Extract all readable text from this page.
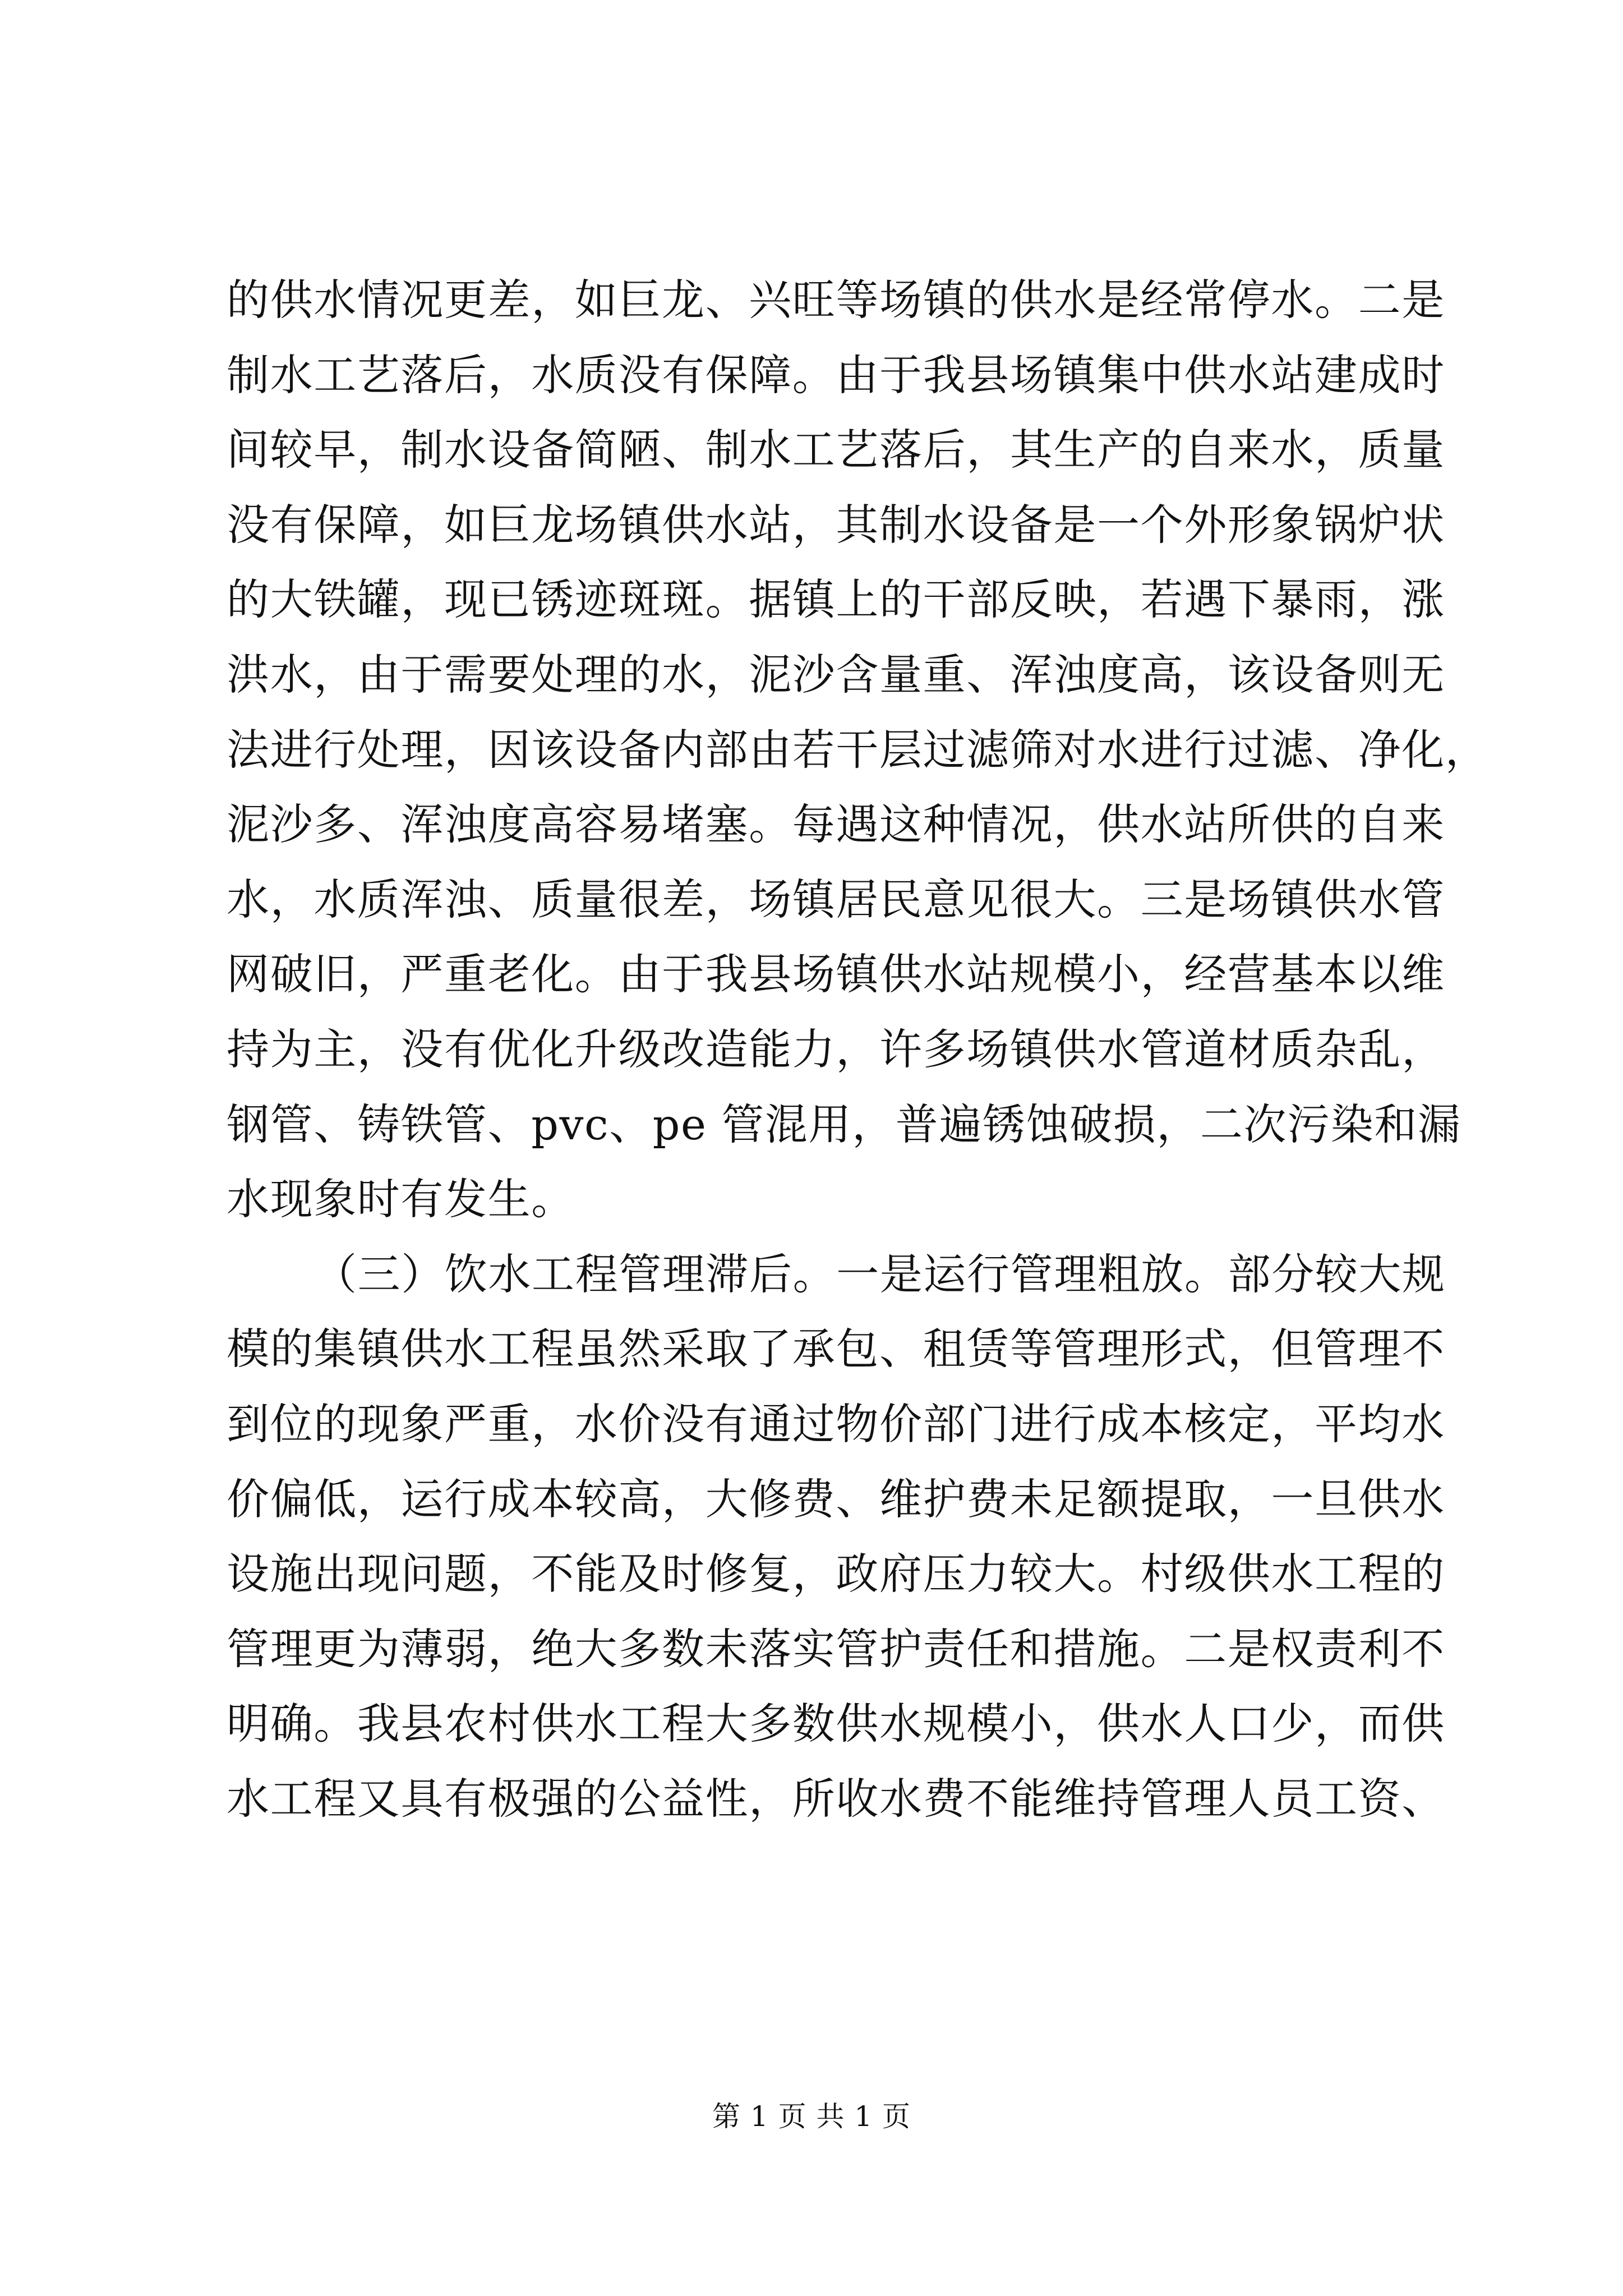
的供水情况更差，如巨龙、兴旺等场镇的供水是经常停水。二是
制水工艺落后，水质没有保障。由于我县场镇集中供水站建成时
间较早，制水设备简陋、制水工艺落后，其生产的自来水，质量
没有保障，如巨龙场镇供水站，其制水设备是一个外形象锅炉状
的大铁罐，现已锈迹斑斑。据镇上的干部反映，若遇下暴雨，涨
洪水，由于需要处理的水，泥沙含量重、浑浊度高，该设备则无
法进行处理，因该设备内部由若干层过滤筛对水进行过滤、净化，
泥沙多、浑浊度高容易堵塞。每遇这种情况，供水站所供的自来
水，水质浑浊、质量很差，场镇居民意见很大。三是场镇供水管
网破旧，严重老化。由于我县场镇供水站规模小，经营基本以维
持为主，没有优化升级改造能力，许多场镇供水管道材质杂乱，
钢管、铸铁管、pvc、pe 管混用，普遍锈蚀破损，二次污染和漏
水现象时有发生。
（三）饮水工程管理滞后。一是运行管理粗放。部分较大规
模的集镇供水工程虽然采取了承包、租赁等管理形式，但管理不
到位的现象严重，水价没有通过物价部门进行成本核定，平均水
价偏低，运行成本较高，大修费、维护费未足额提取，一旦供水
设施出现问题，不能及时修复，政府压力较大。村级供水工程的
管理更为薄弱，绝大多数未落实管护责任和措施。二是权责利不
明确。我县农村供水工程大多数供水规模小，供水人口少，而供
水工程又具有极强的公益性，所收水费不能维持管理人员工资、
第 1 页 共 1 页
